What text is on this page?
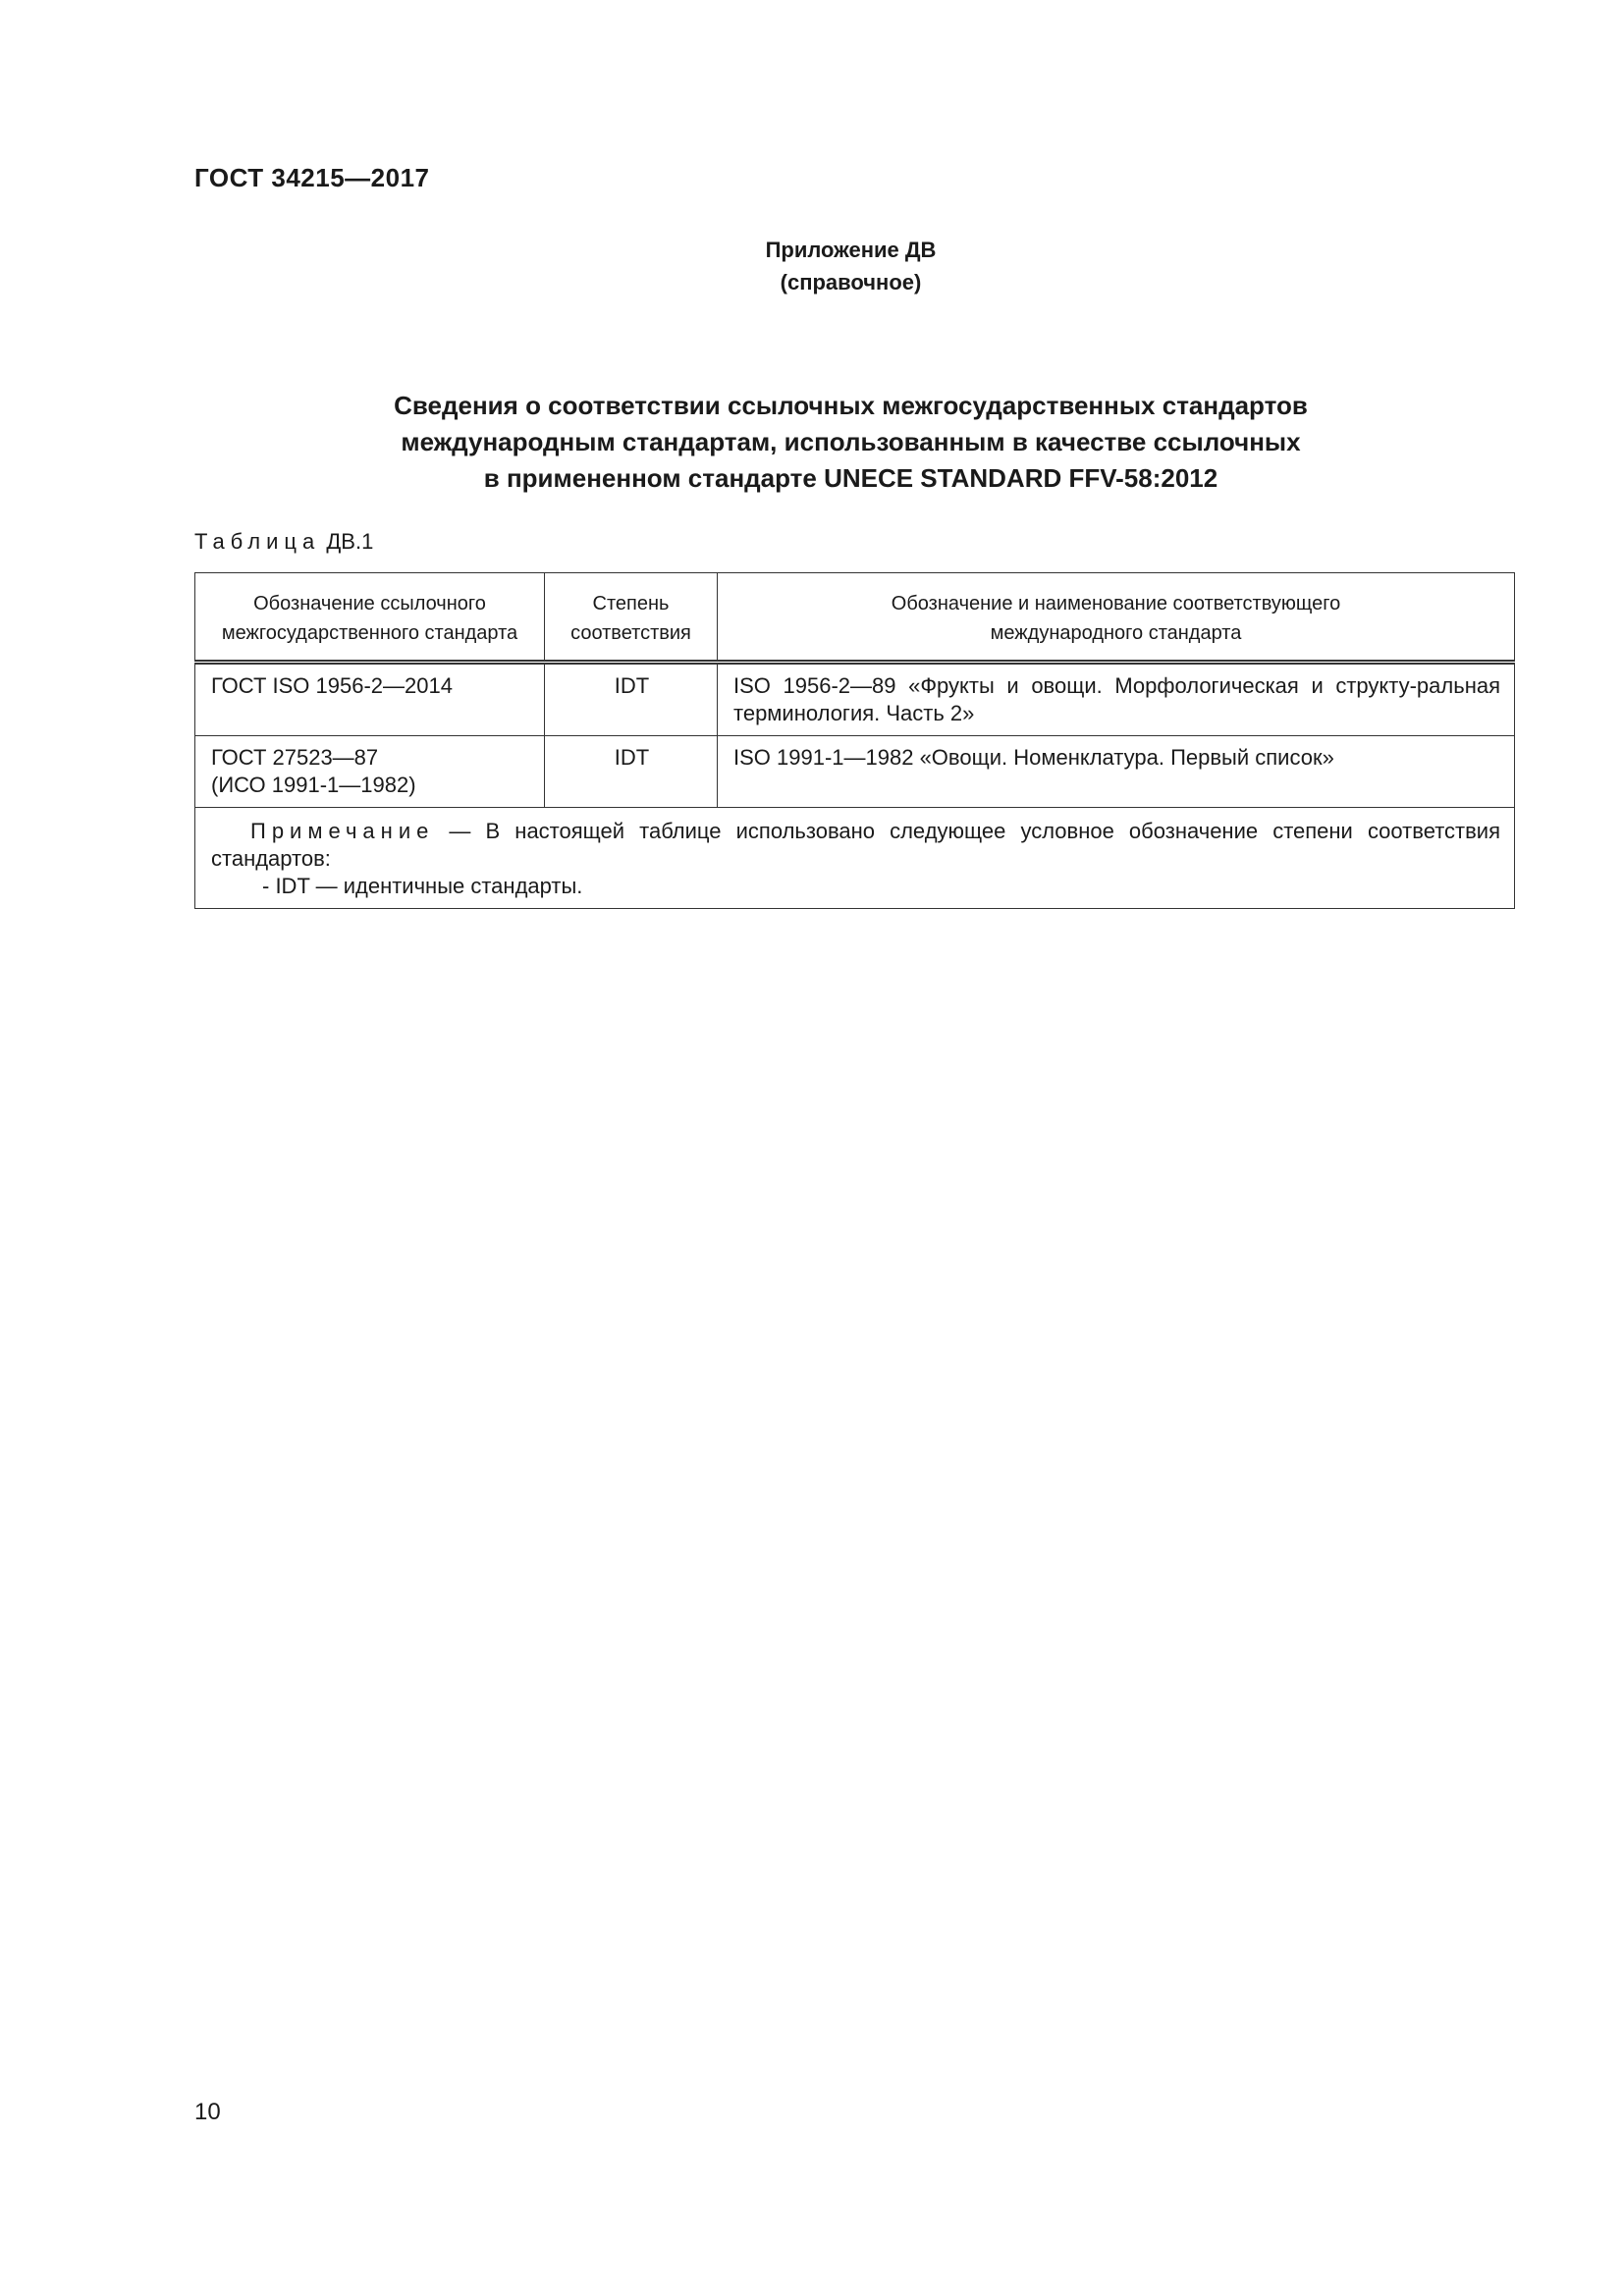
ГОСТ 34215—2017
Приложение ДВ
(справочное)
Сведения о соответствии ссылочных межгосударственных стандартов
международным стандартам, использованным в качестве ссылочных
в примененном стандарте UNECE STANDARD FFV-58:2012
Таблица ДВ.1
Обозначение ссылочного межгосударственного стандарта	Степень соответствия	Обозначение и наименование соответствующего международного стандарта

ГОСТ ISO 1956-2—2014	IDT	ISO 1956-2—89 «Фрукты и овощи. Морфологическая и структу-ральная терминология. Часть 2»

ГОСТ 27523—87
(ИСО 1991-1—1982)	IDT	ISO 1991-1—1982 «Овощи. Номенклатура. Первый список»

Примечание — В настоящей таблице использовано следующее условное обозначение степени соответствия стандартов:
- IDT — идентичные стандарты.		
10
